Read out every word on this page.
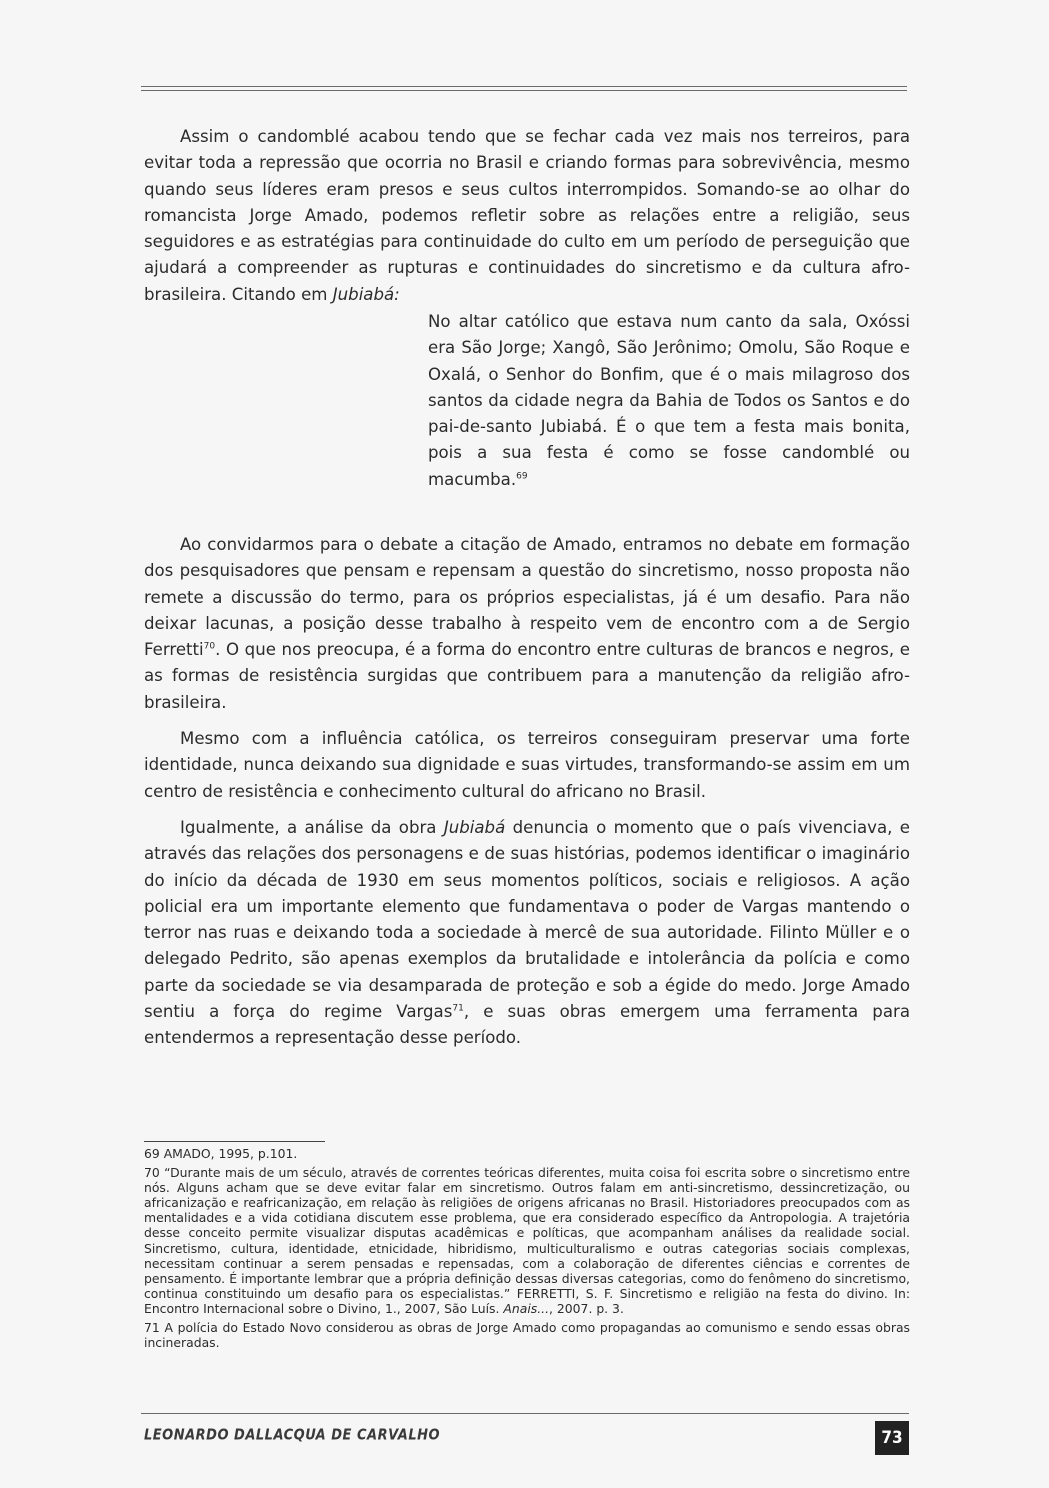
Assim o candomblé acabou tendo que se fechar cada vez mais nos terreiros, para evitar toda a repressão que ocorria no Brasil e criando formas para sobrevivência, mesmo quando seus líderes eram presos e seus cultos interrompidos. Somando-se ao olhar do romancista Jorge Amado, podemos refletir sobre as relações entre a religião, seus seguidores e as estratégias para continuidade do culto em um período de perseguição que ajudará a compreender as rupturas e continuidades do sincretismo e da cultura afro-brasileira. Citando em Jubiabá:

No altar católico que estava num canto da sala, Oxóssi era São Jorge; Xangô, São Jerônimo; Omolu, São Roque e Oxalá, o Senhor do Bonfim, que é o mais milagroso dos santos da cidade negra da Bahia de Todos os Santos e do pai-de-santo Jubiabá. É o que tem a festa mais bonita, pois a sua festa é como se fosse candomblé ou macumba.$^{69}$

Ao convidarmos para o debate a citação de Amado, entramos no debate em formação dos pesquisadores que pensam e repensam a questão do sincretismo, nosso proposta não remete a discussão do termo, para os próprios especialistas, já é um desafio. Para não deixar lacunas, a posição desse trabalho à respeito vem de encontro com a de Sergio Ferretti$^{70}$. O que nos preocupa, é a forma do encontro entre culturas de brancos e negros, e as formas de resistência surgidas que contribuem para a manutenção da religião afro-brasileira.

Mesmo com a influência católica, os terreiros conseguiram preservar uma forte identidade, nunca deixando sua dignidade e suas virtudes, transformando-se assim em um centro de resistência e conhecimento cultural do africano no Brasil.

Igualmente, a análise da obra Jubiabá denuncia o momento que o país vivenciava, e através das relações dos personagens e de suas histórias, podemos identificar o imaginário do início da década de 1930 em seus momentos políticos, sociais e religiosos. A ação policial era um importante elemento que fundamentava o poder de Vargas mantendo o terror nas ruas e deixando toda a sociedade à mercê de sua autoridade. Filinto Müller e o delegado Pedrito, são apenas exemplos da brutalidade e intolerância da polícia e como parte da sociedade se via desamparada de proteção e sob a égide do medo. Jorge Amado sentiu a força do regime Vargas$^{71}$, e suas obras emergem uma ferramenta para entendermos a representação desse período.

69 AMADO, 1995, p.101.

70 “Durante mais de um século, através de correntes teóricas diferentes, muita coisa foi escrita sobre o sincretismo entre nós. Alguns acham que se deve evitar falar em sincretismo. Outros falam em anti-sincretismo, dessincretização, ou africanização e reafricanização, em relação às religiões de origens africanas no Brasil. Historiadores preocupados com as mentalidades e a vida cotidiana discutem esse problema, que era considerado específico da Antropologia. A trajetória desse conceito permite visualizar disputas acadêmicas e políticas, que acompanham análises da realidade social. Sincretismo, cultura, identidade, etnicidade, hibridismo, multiculturalismo e outras categorias sociais complexas, necessitam continuar a serem pensadas e repensadas, com a colaboração de diferentes ciências e correntes de pensamento. É importante lembrar que a própria definição dessas diversas categorias, como do fenômeno do sincretismo, continua constituindo um desafio para os especialistas.” FERRETTI, S. F. Sincretismo e religião na festa do divino. In: Encontro Internacional sobre o Divino, 1., 2007, São Luís. Anais..., 2007. p. 3.

71 A polícia do Estado Novo considerou as obras de Jorge Amado como propagandas ao comunismo e sendo essas obras incineradas.

LEONARDO DALLACQUA DE CARVALHO	73
